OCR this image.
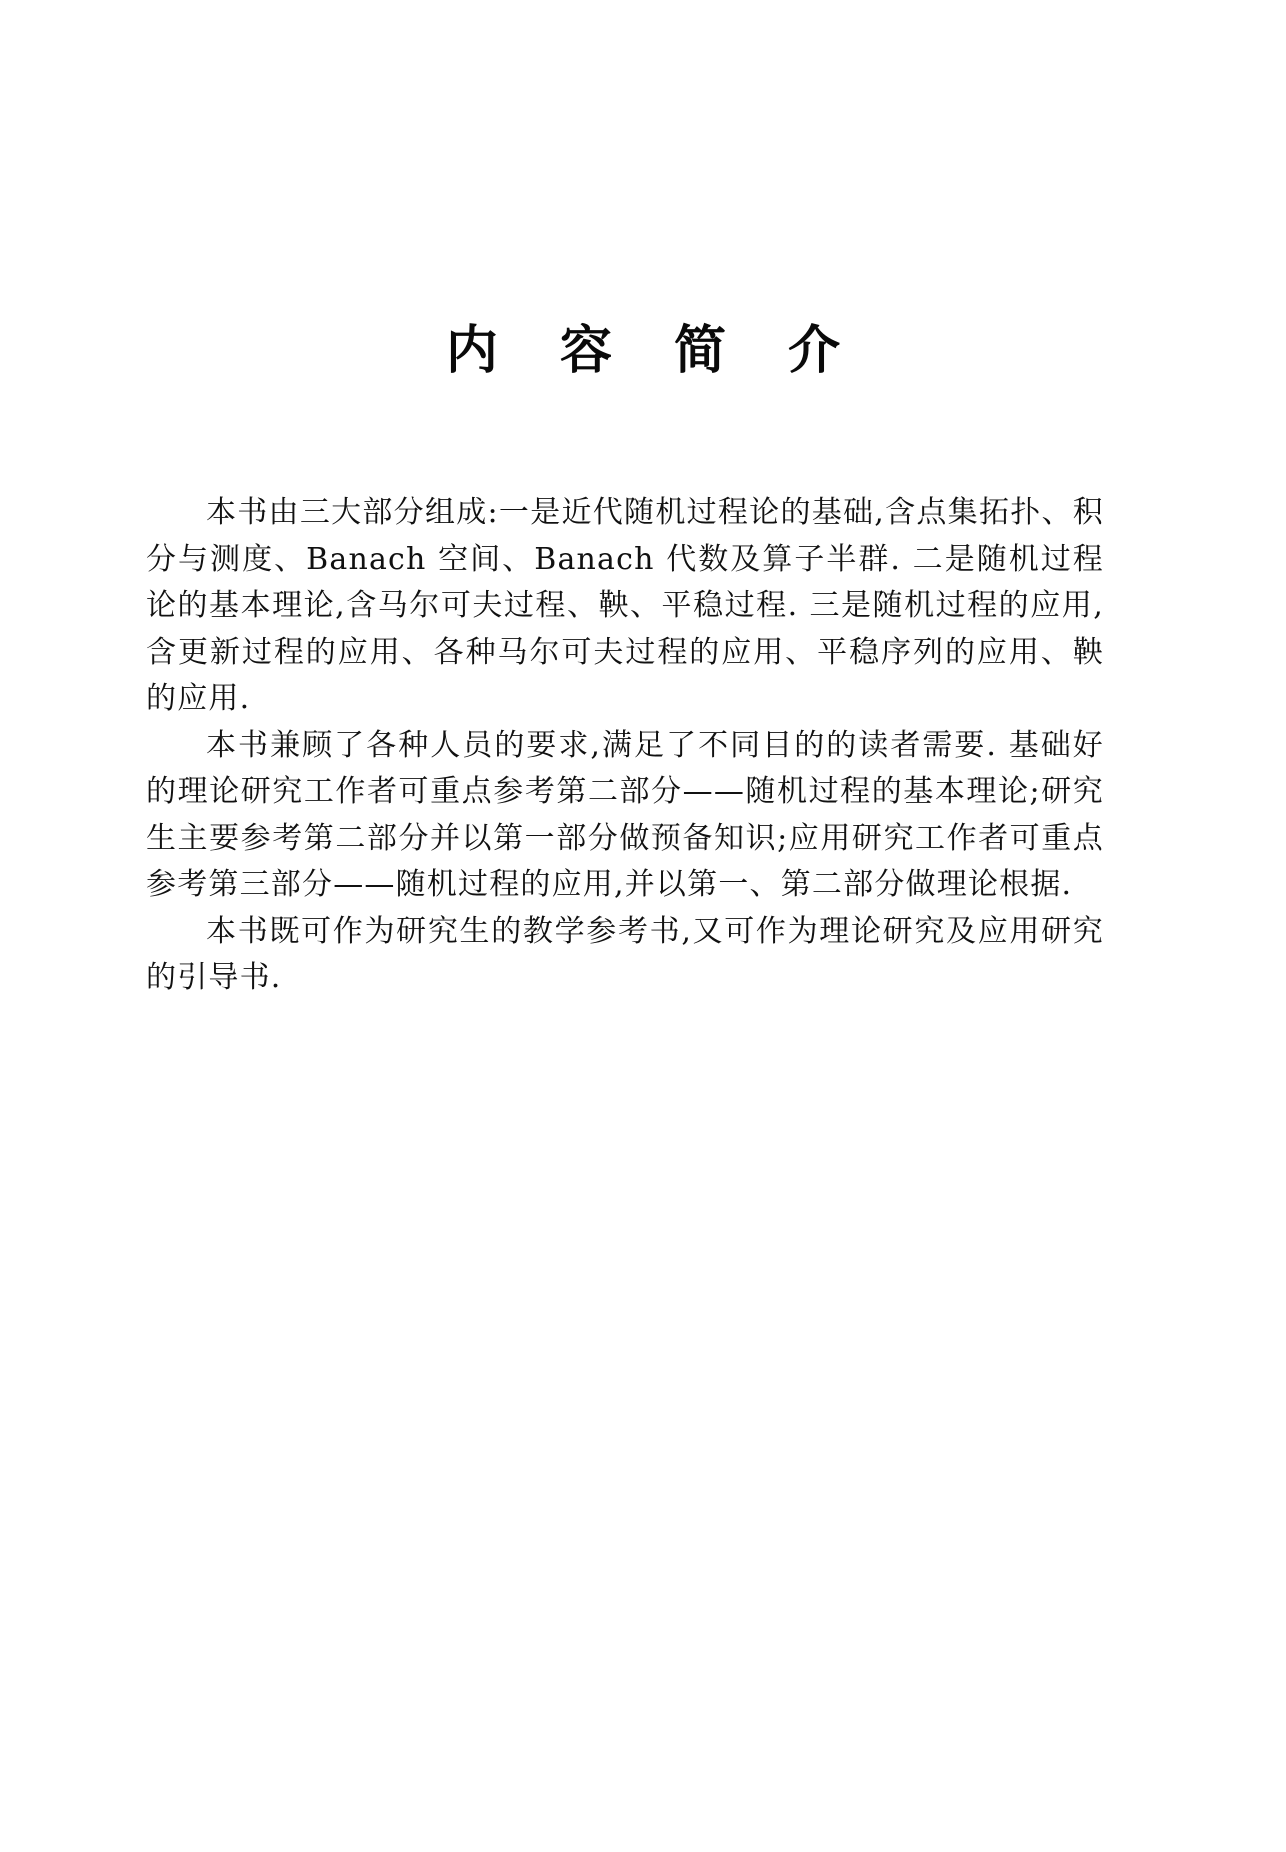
内 容 简 介

本书由三大部分组成:一是近代随机过程论的基础,含点集拓扑、积分与测度、Banach 空间、Banach 代数及算子半群. 二是随机过程论的基本理论,含马尔可夫过程、鞅、平稳过程. 三是随机过程的应用,含更新过程的应用、各种马尔可夫过程的应用、平稳序列的应用、鞅的应用.

本书兼顾了各种人员的要求,满足了不同目的的读者需要. 基础好的理论研究工作者可重点参考第二部分——随机过程的基本理论;研究生主要参考第二部分并以第一部分做预备知识;应用研究工作者可重点参考第三部分——随机过程的应用,并以第一、第二部分做理论根据.

本书既可作为研究生的教学参考书,又可作为理论研究及应用研究的引导书.
